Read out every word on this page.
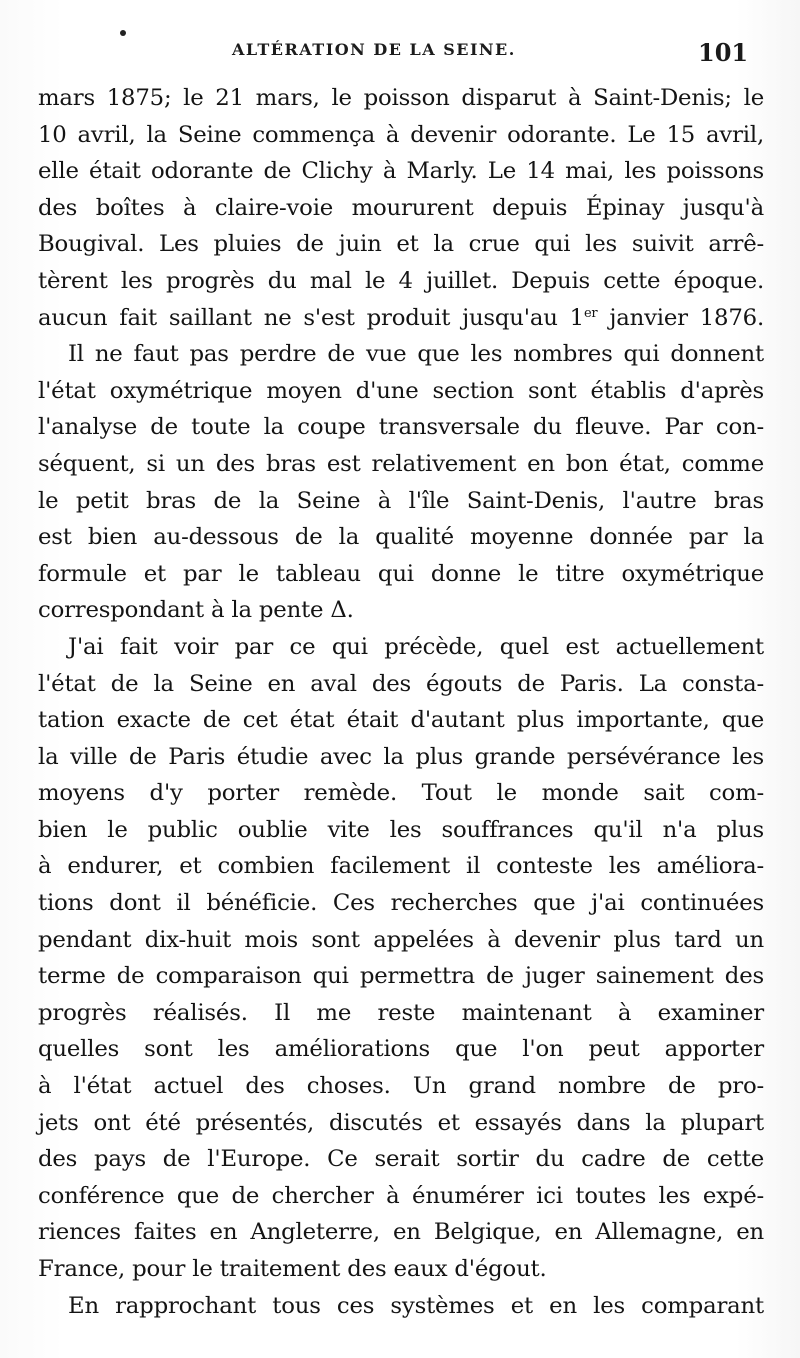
ALTÉRATION DE LA SEINE.	101
mars 1875; le 21 mars, le poisson disparut à Saint-Denis; le
10 avril, la Seine commença à devenir odorante. Le 15 avril,
elle était odorante de Clichy à Marly. Le 14 mai, les poissons
des boîtes à claire-voie moururent depuis Épinay jusqu'à
Bougival. Les pluies de juin et la crue qui les suivit arrê-
tèrent les progrès du mal le 4 juillet. Depuis cette époque.
aucun fait saillant ne s'est produit jusqu'au 1er janvier 1876.
Il ne faut pas perdre de vue que les nombres qui donnent
l'état oxymétrique moyen d'une section sont établis d'après
l'analyse de toute la coupe transversale du fleuve. Par con-
séquent, si un des bras est relativement en bon état, comme
le petit bras de la Seine à l'île Saint-Denis, l'autre bras
est bien au-dessous de la qualité moyenne donnée par la
formule et par le tableau qui donne le titre oxymétrique
correspondant à la pente Δ.
J'ai fait voir par ce qui précède, quel est actuellement
l'état de la Seine en aval des égouts de Paris. La consta-
tation exacte de cet état était d'autant plus importante, que
la ville de Paris étudie avec la plus grande persévérance les
moyens d'y porter remède. Tout le monde sait com-
bien le public oublie vite les souffrances qu'il n'a plus
à endurer, et combien facilement il conteste les améliora-
tions dont il bénéficie. Ces recherches que j'ai continuées
pendant dix-huit mois sont appelées à devenir plus tard un
terme de comparaison qui permettra de juger sainement des
progrès réalisés. Il me reste maintenant à examiner
quelles sont les améliorations que l'on peut apporter
à l'état actuel des choses. Un grand nombre de pro-
jets ont été présentés, discutés et essayés dans la plupart
des pays de l'Europe. Ce serait sortir du cadre de cette
conférence que de chercher à énumérer ici toutes les expé-
riences faites en Angleterre, en Belgique, en Allemagne, en
France, pour le traitement des eaux d'égout.
En rapprochant tous ces systèmes et en les comparant
